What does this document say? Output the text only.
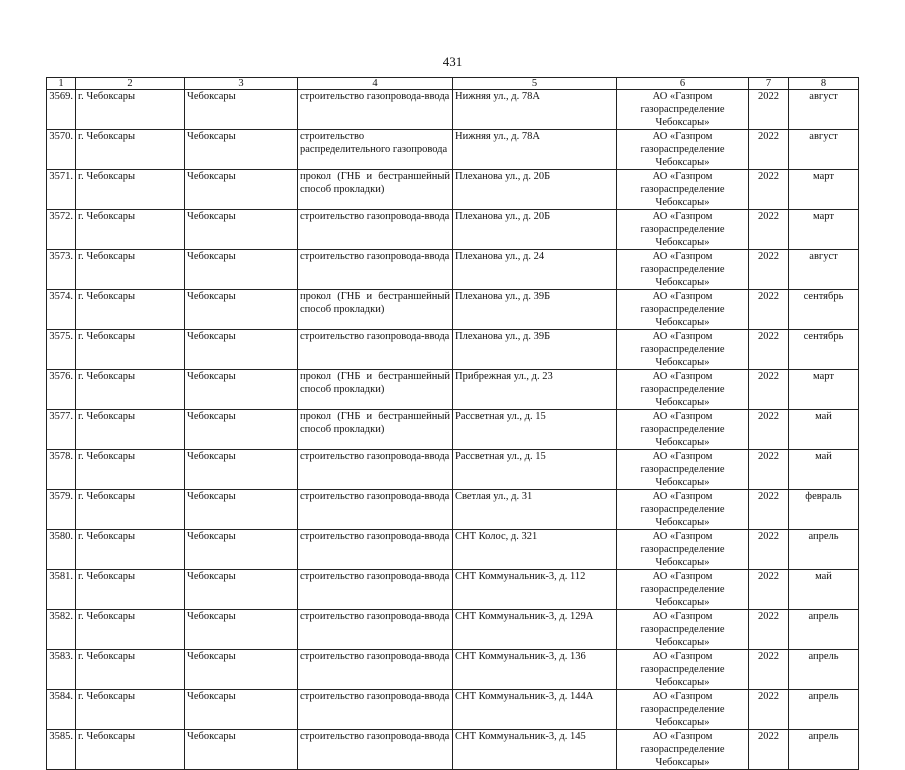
431
1	2	3	4	5	6	7	8
3569.	г. Чебоксары	Чебоксары	строительство газопровода-ввода	Нижняя ул., д. 78А	АО «Газпром газораспределение Чебоксары»	2022	август
3570.	г. Чебоксары	Чебоксары	строительство распределительного газопровода	Нижняя ул., д. 78А	АО «Газпром газораспределение Чебоксары»	2022	август
3571.	г. Чебоксары	Чебоксары	прокол (ГНБ и бестраншейный способ прокладки)	Плеханова ул., д. 20Б	АО «Газпром газораспределение Чебоксары»	2022	март
3572.	г. Чебоксары	Чебоксары	строительство газопровода-ввода	Плеханова ул., д. 20Б	АО «Газпром газораспределение Чебоксары»	2022	март
3573.	г. Чебоксары	Чебоксары	строительство газопровода-ввода	Плеханова ул., д. 24	АО «Газпром газораспределение Чебоксары»	2022	август
3574.	г. Чебоксары	Чебоксары	прокол (ГНБ и бестраншейный способ прокладки)	Плеханова ул., д. 39Б	АО «Газпром газораспределение Чебоксары»	2022	сентябрь
3575.	г. Чебоксары	Чебоксары	строительство газопровода-ввода	Плеханова ул., д. 39Б	АО «Газпром газораспределение Чебоксары»	2022	сентябрь
3576.	г. Чебоксары	Чебоксары	прокол (ГНБ и бестраншейный способ прокладки)	Прибрежная ул., д. 23	АО «Газпром газораспределение Чебоксары»	2022	март
3577.	г. Чебоксары	Чебоксары	прокол (ГНБ и бестраншейный способ прокладки)	Рассветная ул., д. 15	АО «Газпром газораспределение Чебоксары»	2022	май
3578.	г. Чебоксары	Чебоксары	строительство газопровода-ввода	Рассветная ул., д. 15	АО «Газпром газораспределение Чебоксары»	2022	май
3579.	г. Чебоксары	Чебоксары	строительство газопровода-ввода	Светлая ул., д. 31	АО «Газпром газораспределение Чебоксары»	2022	февраль
3580.	г. Чебоксары	Чебоксары	строительство газопровода-ввода	СНТ Колос, д. 321	АО «Газпром газораспределение Чебоксары»	2022	апрель
3581.	г. Чебоксары	Чебоксары	строительство газопровода-ввода	СНТ Коммунальник-3, д. 112	АО «Газпром газораспределение Чебоксары»	2022	май
3582.	г. Чебоксары	Чебоксары	строительство газопровода-ввода	СНТ Коммунальник-3, д. 129А	АО «Газпром газораспределение Чебоксары»	2022	апрель
3583.	г. Чебоксары	Чебоксары	строительство газопровода-ввода	СНТ Коммунальник-3, д. 136	АО «Газпром газораспределение Чебоксары»	2022	апрель
3584.	г. Чебоксары	Чебоксары	строительство газопровода-ввода	СНТ Коммунальник-3, д. 144А	АО «Газпром газораспределение Чебоксары»	2022	апрель
3585.	г. Чебоксары	Чебоксары	строительство газопровода-ввода	СНТ Коммунальник-3, д. 145	АО «Газпром газораспределение Чебоксары»	2022	апрель
